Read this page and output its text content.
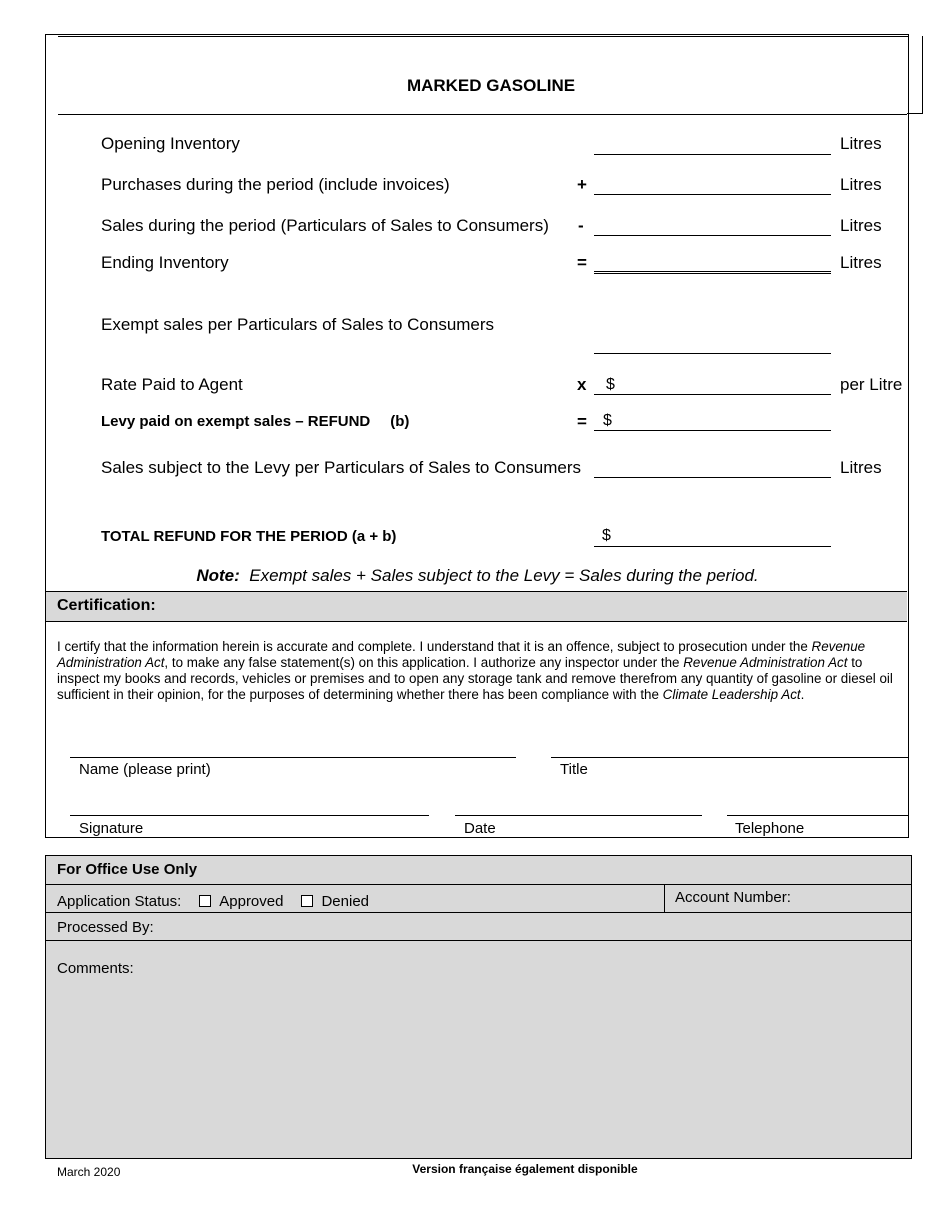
MARKED GASOLINE
Opening Inventory	Litres
Purchases during the period (include invoices)	+	Litres
Sales during the period (Particulars of Sales to Consumers) -	Litres
Ending Inventory	=	Litres
Exempt sales per Particulars of Sales to Consumers
Rate Paid to Agent	x $	per Litre
Levy paid on exempt sales – REFUND (b)	= $
Sales subject to the Levy per Particulars of Sales to Consumers	Litres
TOTAL REFUND FOR THE PERIOD (a + b)	$
Note: Exempt sales + Sales subject to the Levy = Sales during the period.
Certification:
I certify that the information herein is accurate and complete. I understand that it is an offence, subject to prosecution under the Revenue Administration Act, to make any false statement(s) on this application. I authorize any inspector under the Revenue Administration Act to inspect my books and records, vehicles or premises and to open any storage tank and remove therefrom any quantity of gasoline or diesel oil sufficient in their opinion, for the purposes of determining whether there has been compliance with the Climate Leadership Act.
Name (please print)	Title
Signature	Date	Telephone
For Office Use Only
Application Status:	Approved	Denied	Account Number:
Processed By:
Comments:
March 2020	Version française également disponible
